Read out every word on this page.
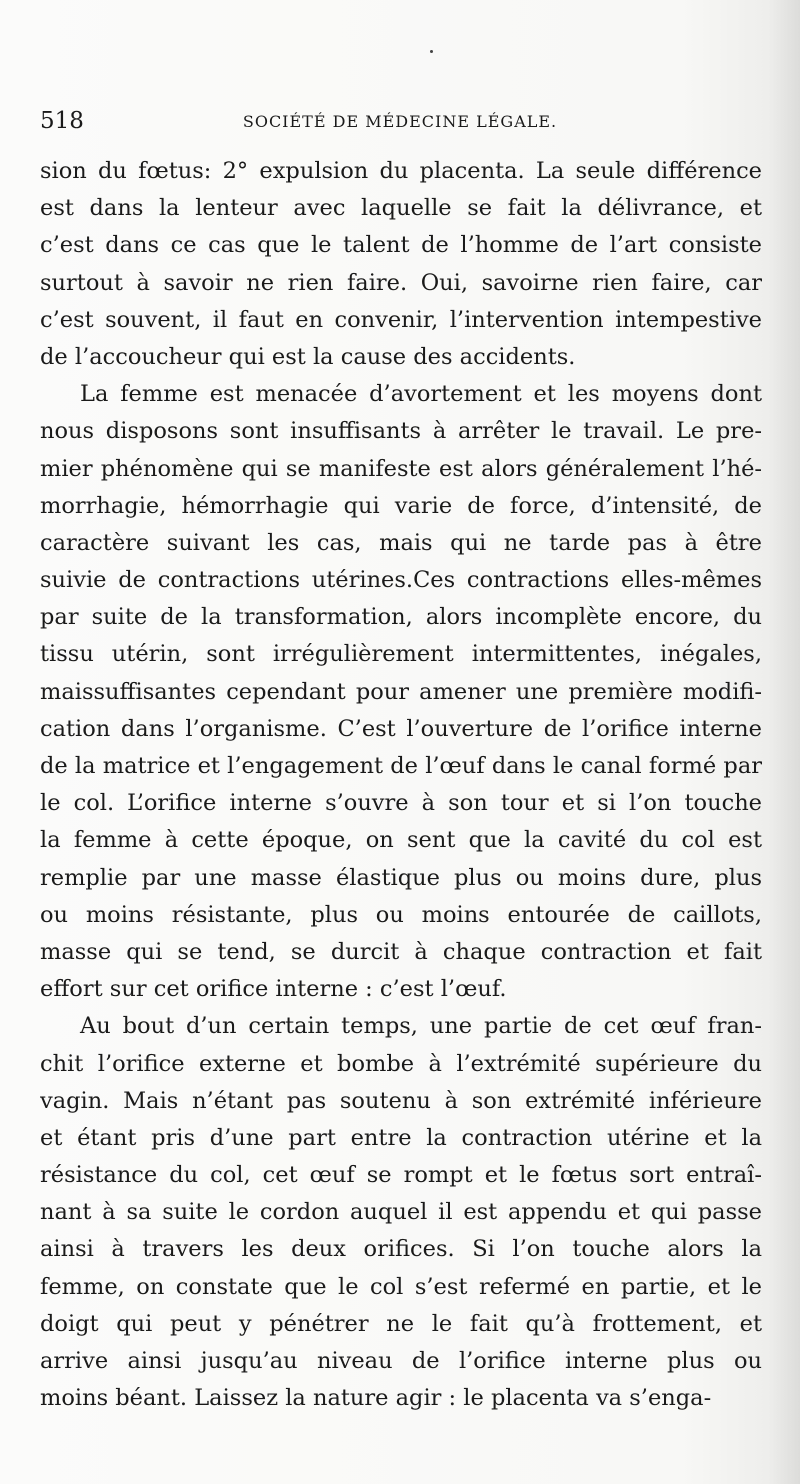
518	SOCIÉTÉ DE MÉDECINE LÉGALE.
sion du fœtus: 2° expulsion du placenta. La seule différence
est dans la lenteur avec laquelle se fait la délivrance, et
c’est dans ce cas que le talent de l’homme de l’art consiste
surtout à savoir ne rien faire. Oui, savoirne rien faire, car
c’est souvent, il faut en convenir, l’intervention intempestive
de l’accoucheur qui est la cause des accidents.
La femme est menacée d’avortement et les moyens dont
nous disposons sont insuffisants à arrêter le travail. Le pre-
mier phénomène qui se manifeste est alors généralement l’hé-
morrhagie, hémorrhagie qui varie de force, d’intensité, de
caractère suivant les cas, mais qui ne tarde pas à être
suivie de contractions utérines.Ces contractions elles-mêmes
par suite de la transformation, alors incomplète encore, du
tissu utérin, sont irrégulièrement intermittentes, inégales,
maissuffisantes cependant pour amener une première modifi-
cation dans l’organisme. C’est l’ouverture de l’orifice interne
de la matrice et l’engagement de l’œuf dans le canal formé par
le col. L’orifice interne s’ouvre à son tour et si l’on touche
la femme à cette époque, on sent que la cavité du col est
remplie par une masse élastique plus ou moins dure, plus
ou moins résistante, plus ou moins entourée de caillots,
masse qui se tend, se durcit à chaque contraction et fait
effort sur cet orifice interne : c’est l’œuf.
Au bout d’un certain temps, une partie de cet œuf fran-
chit l’orifice externe et bombe à l’extrémité supérieure du
vagin. Mais n’étant pas soutenu à son extrémité inférieure
et étant pris d’une part entre la contraction utérine et la
résistance du col, cet œuf se rompt et le fœtus sort entraî-
nant à sa suite le cordon auquel il est appendu et qui passe
ainsi à travers les deux orifices. Si l’on touche alors la
femme, on constate que le col s’est refermé en partie, et le
doigt qui peut y pénétrer ne le fait qu’à frottement, et
arrive ainsi jusqu’au niveau de l’orifice interne plus ou
moins béant. Laissez la nature agir : le placenta va s’enga-
